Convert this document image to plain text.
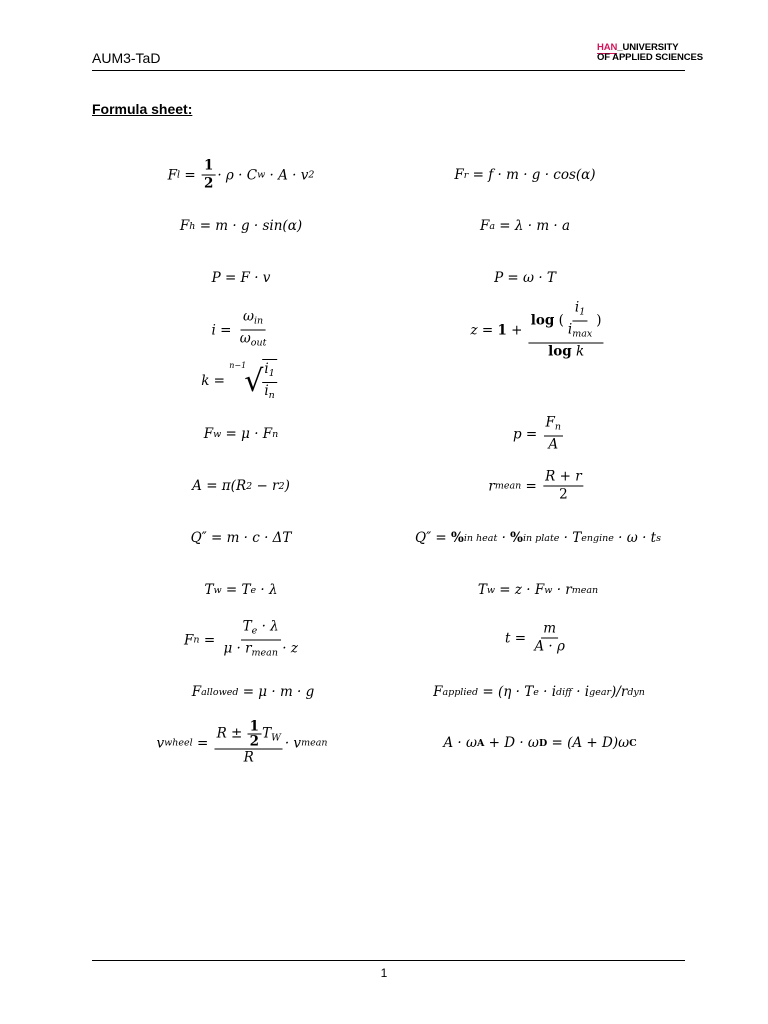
AUM3-TaD
HAN_UNIVERSITY
OF APPLIED SCIENCES
Formula sheet:
F $l = \frac{1}{2} \cdot \rho \cdot C$ w · A · v 2	F r = f · m · g · cos(α)
F h = m · g · sin(α)	F a = λ · m · a
P = F · v	P = ω · T
$i = \frac{\omega_{in}}{\omega_{out}}$	$z = 1 + \frac{\log ( \frac{i_1}{i_{max}} )}{\text{log k}}$
k =
n−1
√ $\frac{i_1}{i_n}$
F w = μ · F n	$p = \frac{F_n}{A}$
A = π(R 2 − r 2 )	r mean = $\frac{R + r}{2}$
Q″ = m · c · ΔT	Q″ = % in heat · % in plate · T engine · ω · t s
T w = T e · λ	T w = z · F w · r mean
F $n = \frac{T_e \cdot \lambda}{\mu \cdot r_{mean} \cdot z}$	$t = \frac{m}{A \cdot \rho}$
F allowed = μ · m · g	F applied = (η · T e · i diff · i gear )/r dyn
v wheel = $\frac{R \pm \frac{1}{2} T_W}{R} \cdot v$ mean	A · ω A + D · ω D = (A + D)ω C
1
